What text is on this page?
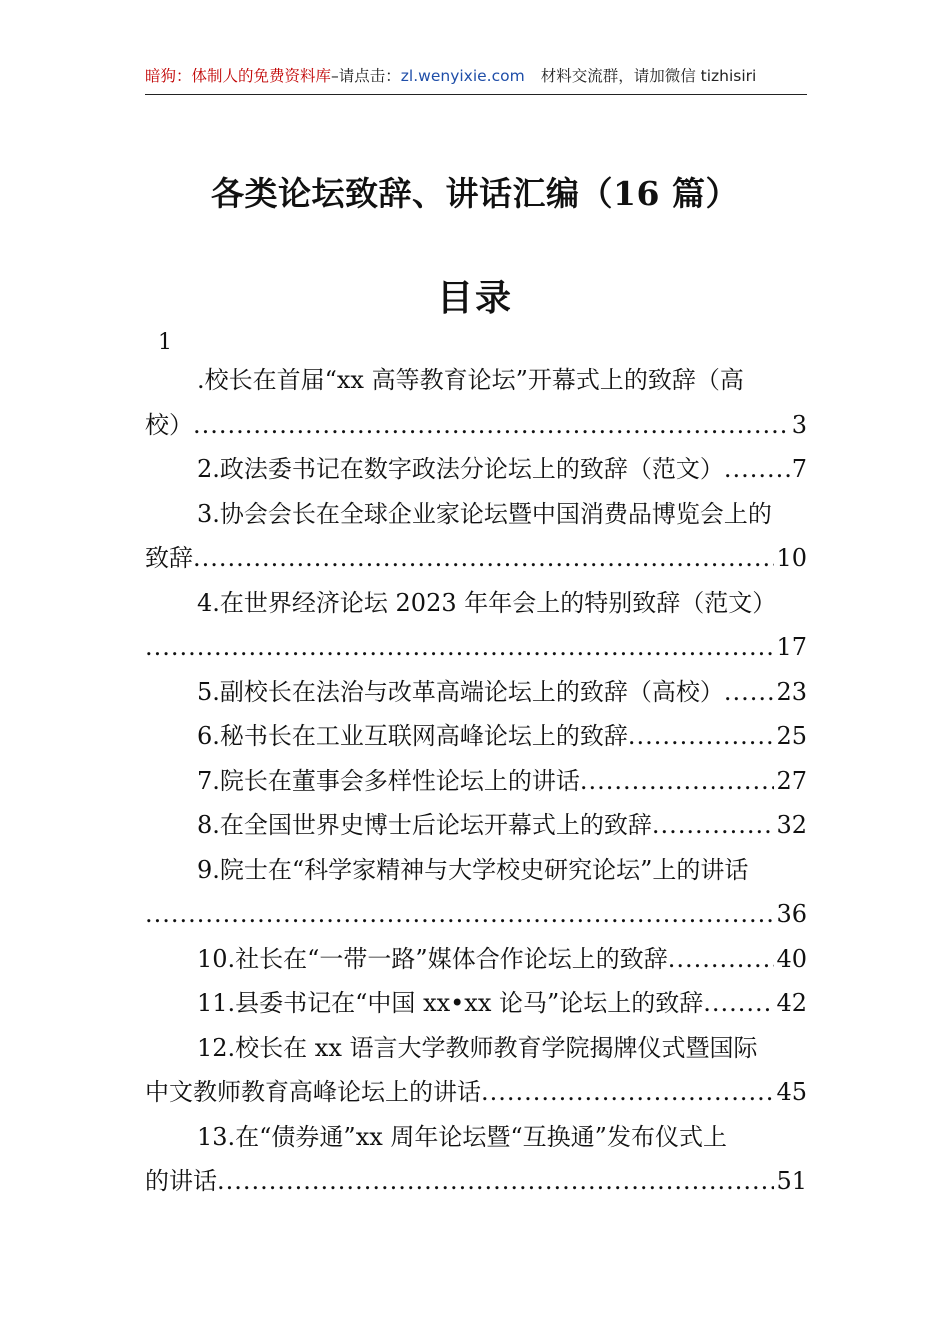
暗狗：体制人的免费资料库–请点击：zl.wenyixie.com 材料交流群，请加微信 tizhisiri
各类论坛致辞、讲话汇编（16 篇）
目录
1
.校长在首届“xx 高等教育论坛”开幕式上的致辞（高
校） .....	3
2.政法委书记在数字政法分论坛上的致辞（范文） .....	7
3.协会会长在全球企业家论坛暨中国消费品博览会上的
致辞 .....	10
4.在世界经济论坛 2023 年年会上的特别致辞（范文）
.....
17
5.副校长在法治与改革高端论坛上的致辞（高校） ..... 23
6.秘书长在工业互联网高峰论坛上的致辞 .....	25
7.院长在董事会多样性论坛上的讲话 .....	27
8.在全国世界史博士后论坛开幕式上的致辞 .....	32
9.院士在“科学家精神与大学校史研究论坛”上的讲话
.....
36
10.社长在“一带一路”媒体合作论坛上的致辞 .....	40
11.县委书记在“中国 xx•xx 论马”论坛上的致辞 .....	42
12.校长在 xx 语言大学教师教育学院揭牌仪式暨国际
中文教师教育高峰论坛上的讲话 .....	45
13.在“债券通”xx 周年论坛暨“互换通”发布仪式上
的讲话 .....	51
